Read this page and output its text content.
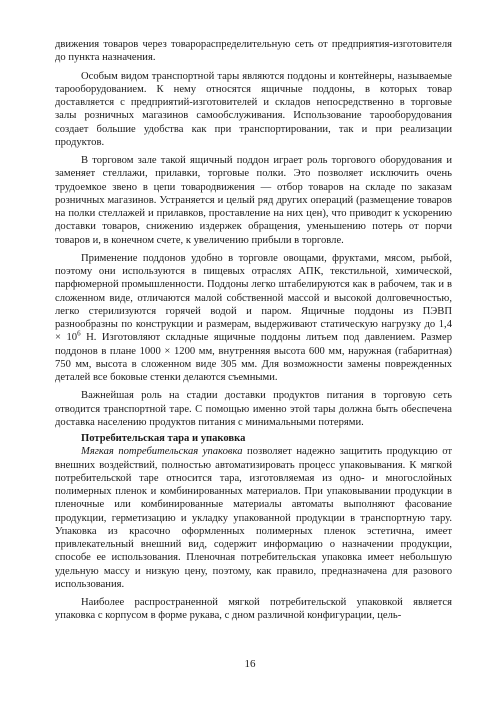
движения товаров через товарораспределительную сеть от предприятия-изготовителя до пункта назначения.

Особым видом транспортной тары являются поддоны и контейнеры, называемые тарооборудованием. К нему относятся ящичные поддоны, в которых товар доставляется с предприятий-изготовителей и складов непосредственно в торговые залы розничных магазинов самообслуживания. Использование тарооборудования создает большие удобства как при транспортировании, так и при реализации продуктов.

В торговом зале такой ящичный поддон играет роль торгового оборудования и заменяет стеллажи, прилавки, торговые полки. Это позволяет исключить очень трудоемкое звено в цепи товародвижения — отбор товаров на складе по заказам розничных магазинов. Устраняется и целый ряд других операций (размещение товаров на полки стеллажей и прилавков, проставление на них цен), что приводит к ускорению доставки товаров, снижению издержек обращения, уменьшению потерь от порчи товаров и, в конечном счете, к увеличению прибыли в торговле.

Применение поддонов удобно в торговле овощами, фруктами, мясом, рыбой, поэтому они используются в пищевых отраслях АПК, текстильной, химической, парфюмерной промышленности. Поддоны легко штабелируются как в рабочем, так и в сложенном виде, отличаются малой собственной массой и высокой долговечностью, легко стерилизуются горячей водой и паром. Ящичные поддоны из ПЭВП разнообразны по конструкции и размерам, выдерживают статическую нагрузку до $1,4 \times 10^6$ Н. Изготовляют складные ящичные поддоны литьем под давлением. Размер поддонов в плане 1000 × 1200 мм, внутренняя высота 600 мм, наружная (габаритная) 750 мм, высота в сложенном виде 305 мм. Для возможности замены поврежденных деталей все боковые стенки делаются съемными.

Важнейшая роль на стадии доставки продуктов питания в торговую сеть отводится транспортной таре. С помощью именно этой тары должна быть обеспечена доставка населению продуктов питания с минимальными потерями.

Потребительская тара и упаковка

Мягкая потребительская упаковка позволяет надежно защитить продукцию от внешних воздействий, полностью автоматизировать процесс упаковывания. К мягкой потребительской таре относится тара, изготовляемая из одно- и многослойных полимерных пленок и комбинированных материалов. При упаковывании продукции в пленочные или комбинированные материалы автоматы выполняют фасование продукции, герметизацию и укладку упакованной продукции в транспортную тару. Упаковка из красочно оформленных полимерных пленок эстетична, имеет привлекательный внешний вид, содержит информацию о назначении продукции, способе ее использования. Пленочная потребительская упаковка имеет небольшую удельную массу и низкую цену, поэтому, как правило, предназначена для разового использования.

Наиболее распространенной мягкой потребительской упаковкой является упаковка с корпусом в форме рукава, с дном различной конфигурации, цель-

16
